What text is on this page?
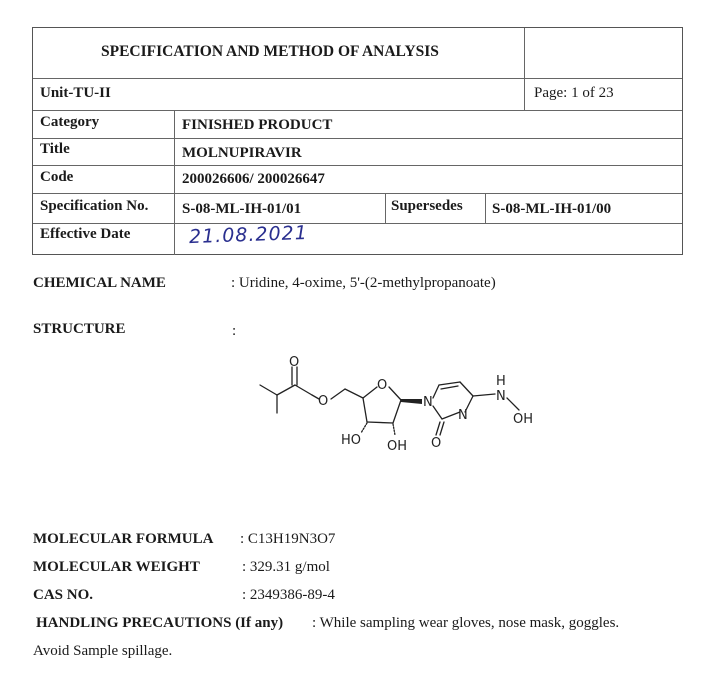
SPECIFICATION AND METHOD OF ANALYSIS
Unit-TU-II	Page: 1 of 23
Category	FINISHED PRODUCT
Title	MOLNUPIRAVIR
Code	200026606/ 200026647
Specification No. S-08-ML-IH-01/01	Supersedes S-08-ML-IH-01/00
Effective Date	21.08.2021
CHEMICAL NAME	: Uridine, 4-oxime, 5'-(2-methylpropanoate)
STRUCTURE	:
O
O
O
N
N
O
H
N
OH
HO OH
MOLECULAR FORMULA : C13H19N3O7
MOLECULAR WEIGHT	: 329.31 g/mol
CAS NO.	: 2349386-89-4
HANDLING PRECAUTIONS (If any) : While sampling wear gloves, nose mask, goggles.
Avoid Sample spillage.
